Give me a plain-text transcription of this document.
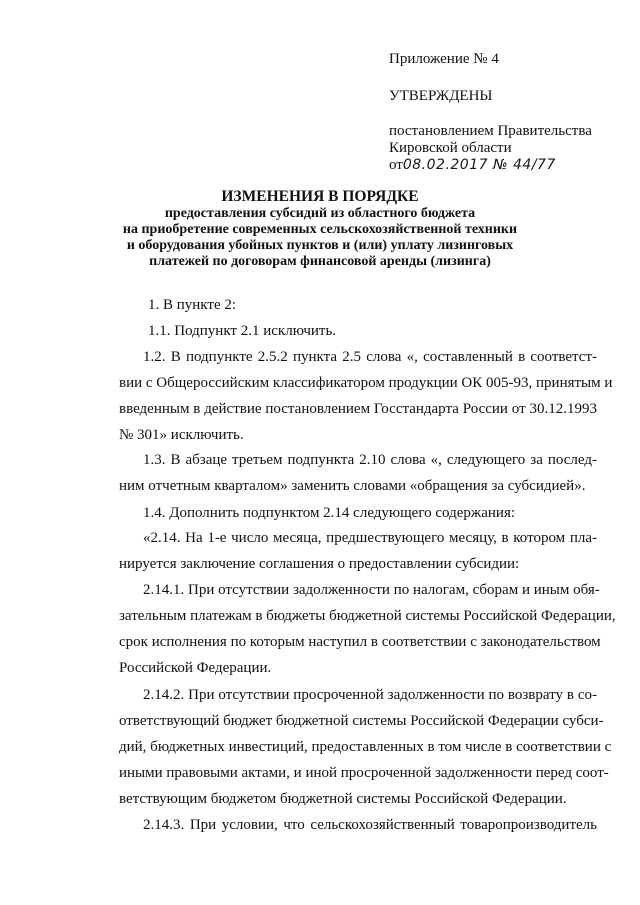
Приложение № 4

УТВЕРЖДЕНЫ

постановлением Правительства

Кировской области

от08.02.2017 № 44/77

ИЗМЕНЕНИЯ В ПОРЯДКЕ

предоставления субсидий из областного бюджета

на приобретение современных сельскохозяйственной техники

и оборудования убойных пунктов и (или) уплату лизинговых

платежей по договорам финансовой аренды (лизинга)

1. В пункте 2:

1.1. Подпункт 2.1 исключить.

1.2. В подпункте 2.5.2 пункта 2.5 слова «, составленный в соответст-

вии с Общероссийским классификатором продукции ОК 005-93, принятым и

введенным в действие постановлением Госстандарта России от 30.12.1993

№ 301» исключить.

1.3. В абзаце третьем подпункта 2.10 слова «, следующего за послед-

ним отчетным кварталом» заменить словами «обращения за субсидией».

1.4. Дополнить подпунктом 2.14 следующего содержания:

«2.14. На 1-е число месяца, предшествующего месяцу, в котором пла-

нируется заключение соглашения о предоставлении субсидии:

2.14.1. При отсутствии задолженности по налогам, сборам и иным обя-

зательным платежам в бюджеты бюджетной системы Российской Федерации,

срок исполнения по которым наступил в соответствии с законодательством

Российской Федерации.

2.14.2. При отсутствии просроченной задолженности по возврату в со-

ответствующий бюджет бюджетной системы Российской Федерации субси-

дий, бюджетных инвестиций, предоставленных в том числе в соответствии с

иными правовыми актами, и иной просроченной задолженности перед соот-

ветствующим бюджетом бюджетной системы Российской Федерации.

2.14.3. При условии, что сельскохозяйственный товаропроизводитель
